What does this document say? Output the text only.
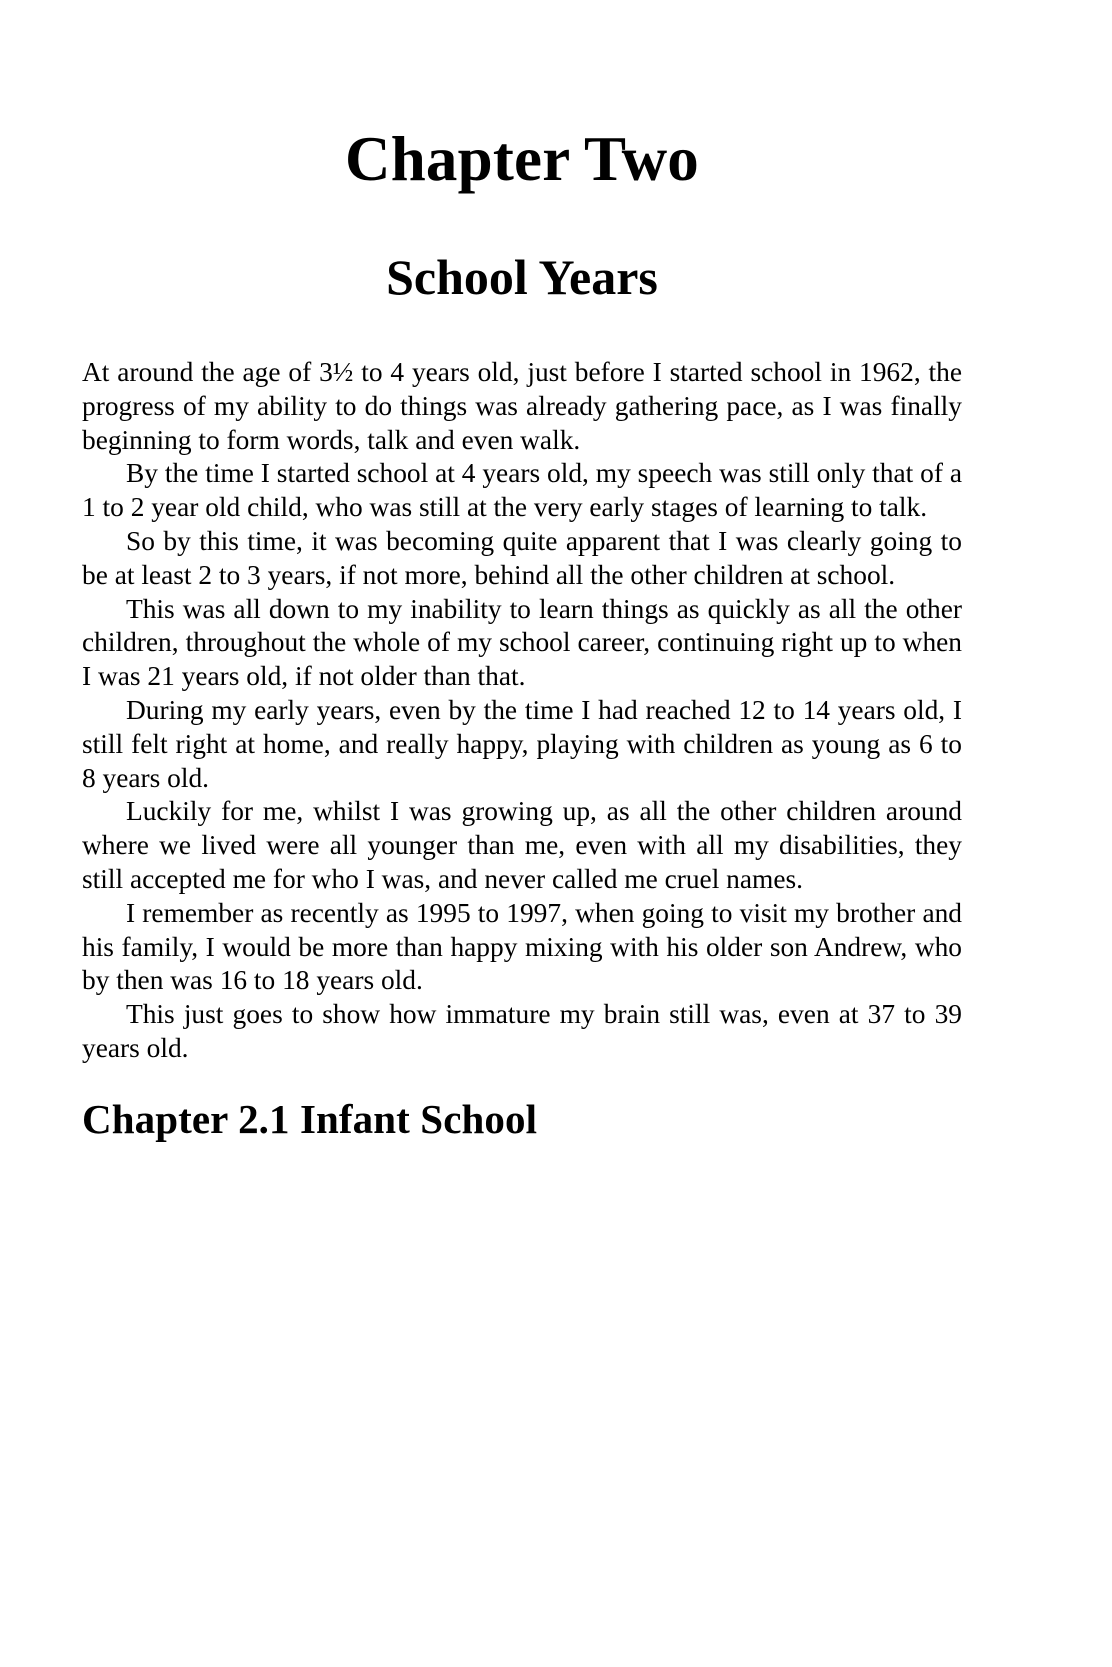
Chapter Two
School Years

At around the age of 3½ to 4 years old, just before I started school in 1962, the progress of my ability to do things was already gathering pace, as I was finally beginning to form words, talk and even walk.

By the time I started school at 4 years old, my speech was still only that of a 1 to 2 year old child, who was still at the very early stages of learning to talk.

So by this time, it was becoming quite apparent that I was clearly going to be at least 2 to 3 years, if not more, behind all the other children at school.

This was all down to my inability to learn things as quickly as all the other children, throughout the whole of my school career, continuing right up to when I was 21 years old, if not older than that.

During my early years, even by the time I had reached 12 to 14 years old, I still felt right at home, and really happy, playing with children as young as 6 to 8 years old.

Luckily for me, whilst I was growing up, as all the other children around where we lived were all younger than me, even with all my disabilities, they still accepted me for who I was, and never called me cruel names.

I remember as recently as 1995 to 1997, when going to visit my brother and his family, I would be more than happy mixing with his older son Andrew, who by then was 16 to 18 years old.

This just goes to show how immature my brain still was, even at 37 to 39 years old.

Chapter 2.1 Infant School
